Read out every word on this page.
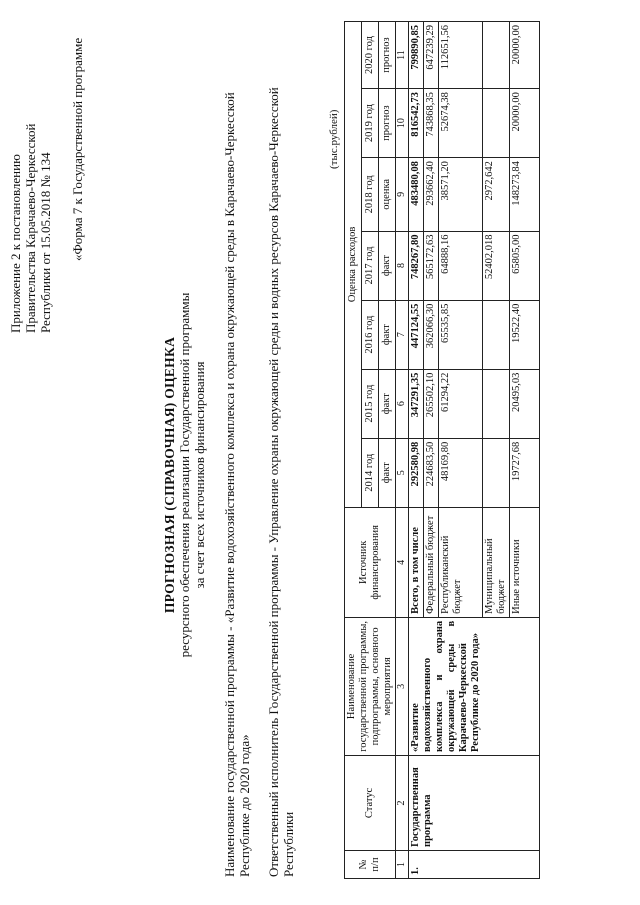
Приложение 2 к постановлению Правительства Карачаево-Черкесской Республики от 15.05.2018 № 134 «Форма 7 к Государственной программе
ПРОГНОЗНАЯ (СПРАВОЧНАЯ) ОЦЕНКА ресурсного обеспечения реализации Государственной программы за счет всех источников финансирования Наименование государственной программы - «Развитие водохозяйственного комплекса и охрана окружающей среды в Карачаево-Черкесской Республике до 2020 года» Ответственный исполнитель Государственной программы - Управление охраны окружающей среды и водных ресурсов Карачаево-Черкесской Республики
(тыс.рублей)
№ п/п	Статус	Наименование государственной программы, подпрограммы, основного мероприятия	Источник финансирования	Оценка расходов						
				2014 год	2015 год	2016 год	2017 год	2018 год	2019 год	2020 год
				факт	факт	факт	факт	оценка	прогноз	прогноз
1	2	3	4	5	6	7	8	9	10	11
1.	Государственная программа	«Развитие водохозяйственного комплекса и охрана окружающей среды в Карачаево-Черкесской Республике до 2020 года»	Всего, в том числе	292580,98	347291,35	447124,55	748267,80	483480,08	816542,73	799890,85
			Федеральный бюджет	224683,50	265502,10	362066,30	565172,63	293662,40	743868,35	647239,29
			Республиканский бюджет	48169,80	61294,22	65535,85	64888,16	38571,20	52674,38	112651,56
			Муниципальный бюджет				52402,018	2972,642		
			Иные источники	19727,68	20495,03	19522,40	65805,00	148273,84	20000,00	20000,00
